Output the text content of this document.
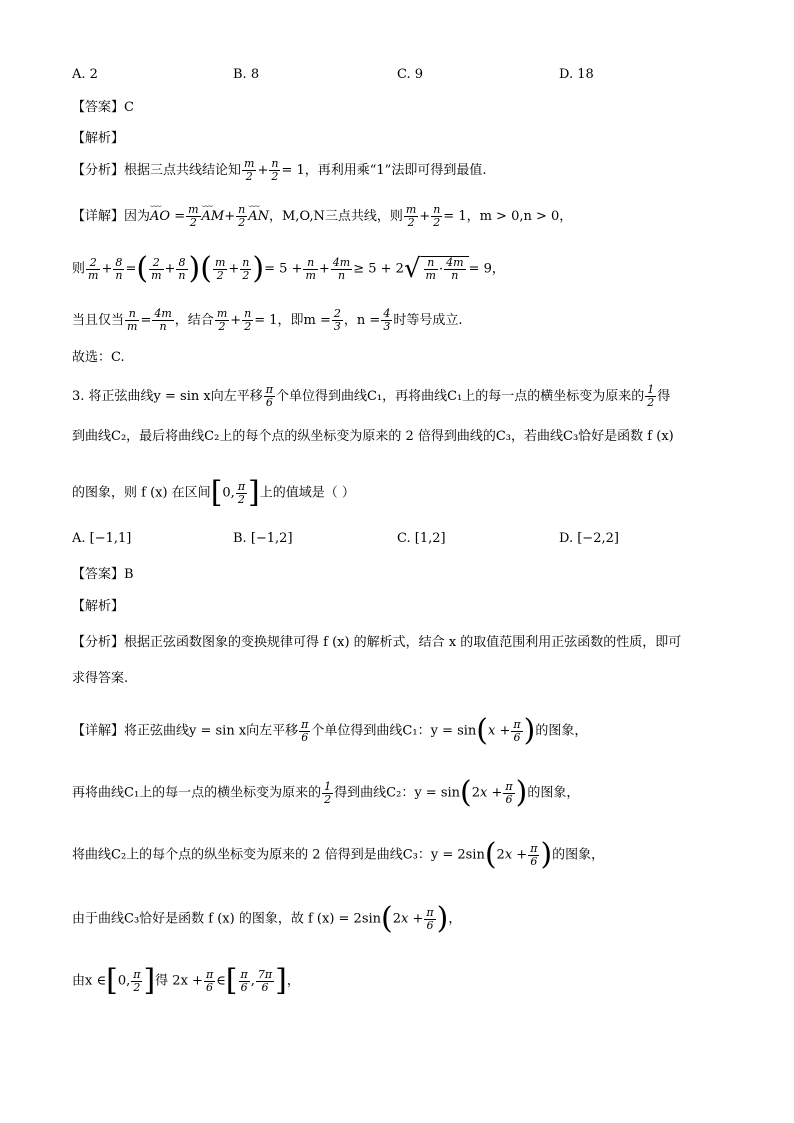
A. 2	B. 8	C. 9	D. 18
【答案】C
【解析】
【分析】根据三点共线结论知 $\frac{m}{2} + \frac{n}{2} = 1$，再利用乘“1”法即可得到最值.
【详解】因为⌣⌣⌣ AO = $\frac{m}{2}$ ⌣⌣⌣ $AM+ \frac{n}{2}$ ⌣⌣⌣ AN，M,O,N三点共线，则 $\frac{m}{2} + \frac{n}{2} = 1$，m > 0,n > 0，
则 $\frac{2}{m} + \frac{8}{n}$ =( $\frac{2}{m} + \frac{8}{n}$ )( $\frac{m}{2} + \frac{n}{2}$ )= $5 + \frac{n}{m} + \frac{4m}{n} \ge 5 + 2√ \frac{n}{m} \cdot \frac{4m}{n} = 9$，
当且仅当 $\frac{n}{m} = \frac{4m}{n}$ ，结合 $\frac{m}{2} + \frac{n}{2} = 1$，即$m = \frac{2}{3}$ ，$n = \frac{4}{3}$ 时等号成立.
故选：C.
3. 将正弦曲线y = sin x向左平移 $\frac{\pi}{6}$ 个单位得到曲线C₁，再将曲线C₁上的每一点的横坐标变为原来的 $\frac{1}{2}$ 得
到曲线C₂，最后将曲线C₂上的每个点的纵坐标变为原来的 2 倍得到曲线的C₃，若曲线C₃恰好是函数 f (x)
的图象，则 f (x) 在区间[0, $\frac{\pi}{2}$ ]上的值域是（ ）
A. [−1,1]	B. [−1,2]	C. [1,2]	D. [−2,2]
【答案】B
【解析】
【分析】根据正弦函数图象的变换规律可得 f (x) 的解析式，结合 x 的取值范围利用正弦函数的性质，即可
求得答案.
【详解】将正弦曲线y = sin x向左平移 $\frac{\pi}{6}$ 个单位得到曲线C₁：$y = \sin(x + \frac{\pi}{6}$ )的图象，
再将曲线C₁上的每一点的横坐标变为原来的 $\frac{1}{2}$ 得到曲线C₂：$y = \sin(2x + \frac{\pi}{6}$ )的图象，
将曲线C₂上的每个点的纵坐标变为原来的 2 倍得到是曲线C₃：$y = 2\sin(2x + \frac{\pi}{6}$ )的图象，
由于曲线C₃恰好是函数 f (x) 的图象，故 f $(x) = 2\sin(2x + \frac{\pi}{6}$ )，
由x ∈[0, $\frac{\pi}{2}$ ]得 $2x + \frac{\pi}{6}$ ∈[ $\frac{\pi}{6}$ , $\frac{7\pi}{6}$ ]，
